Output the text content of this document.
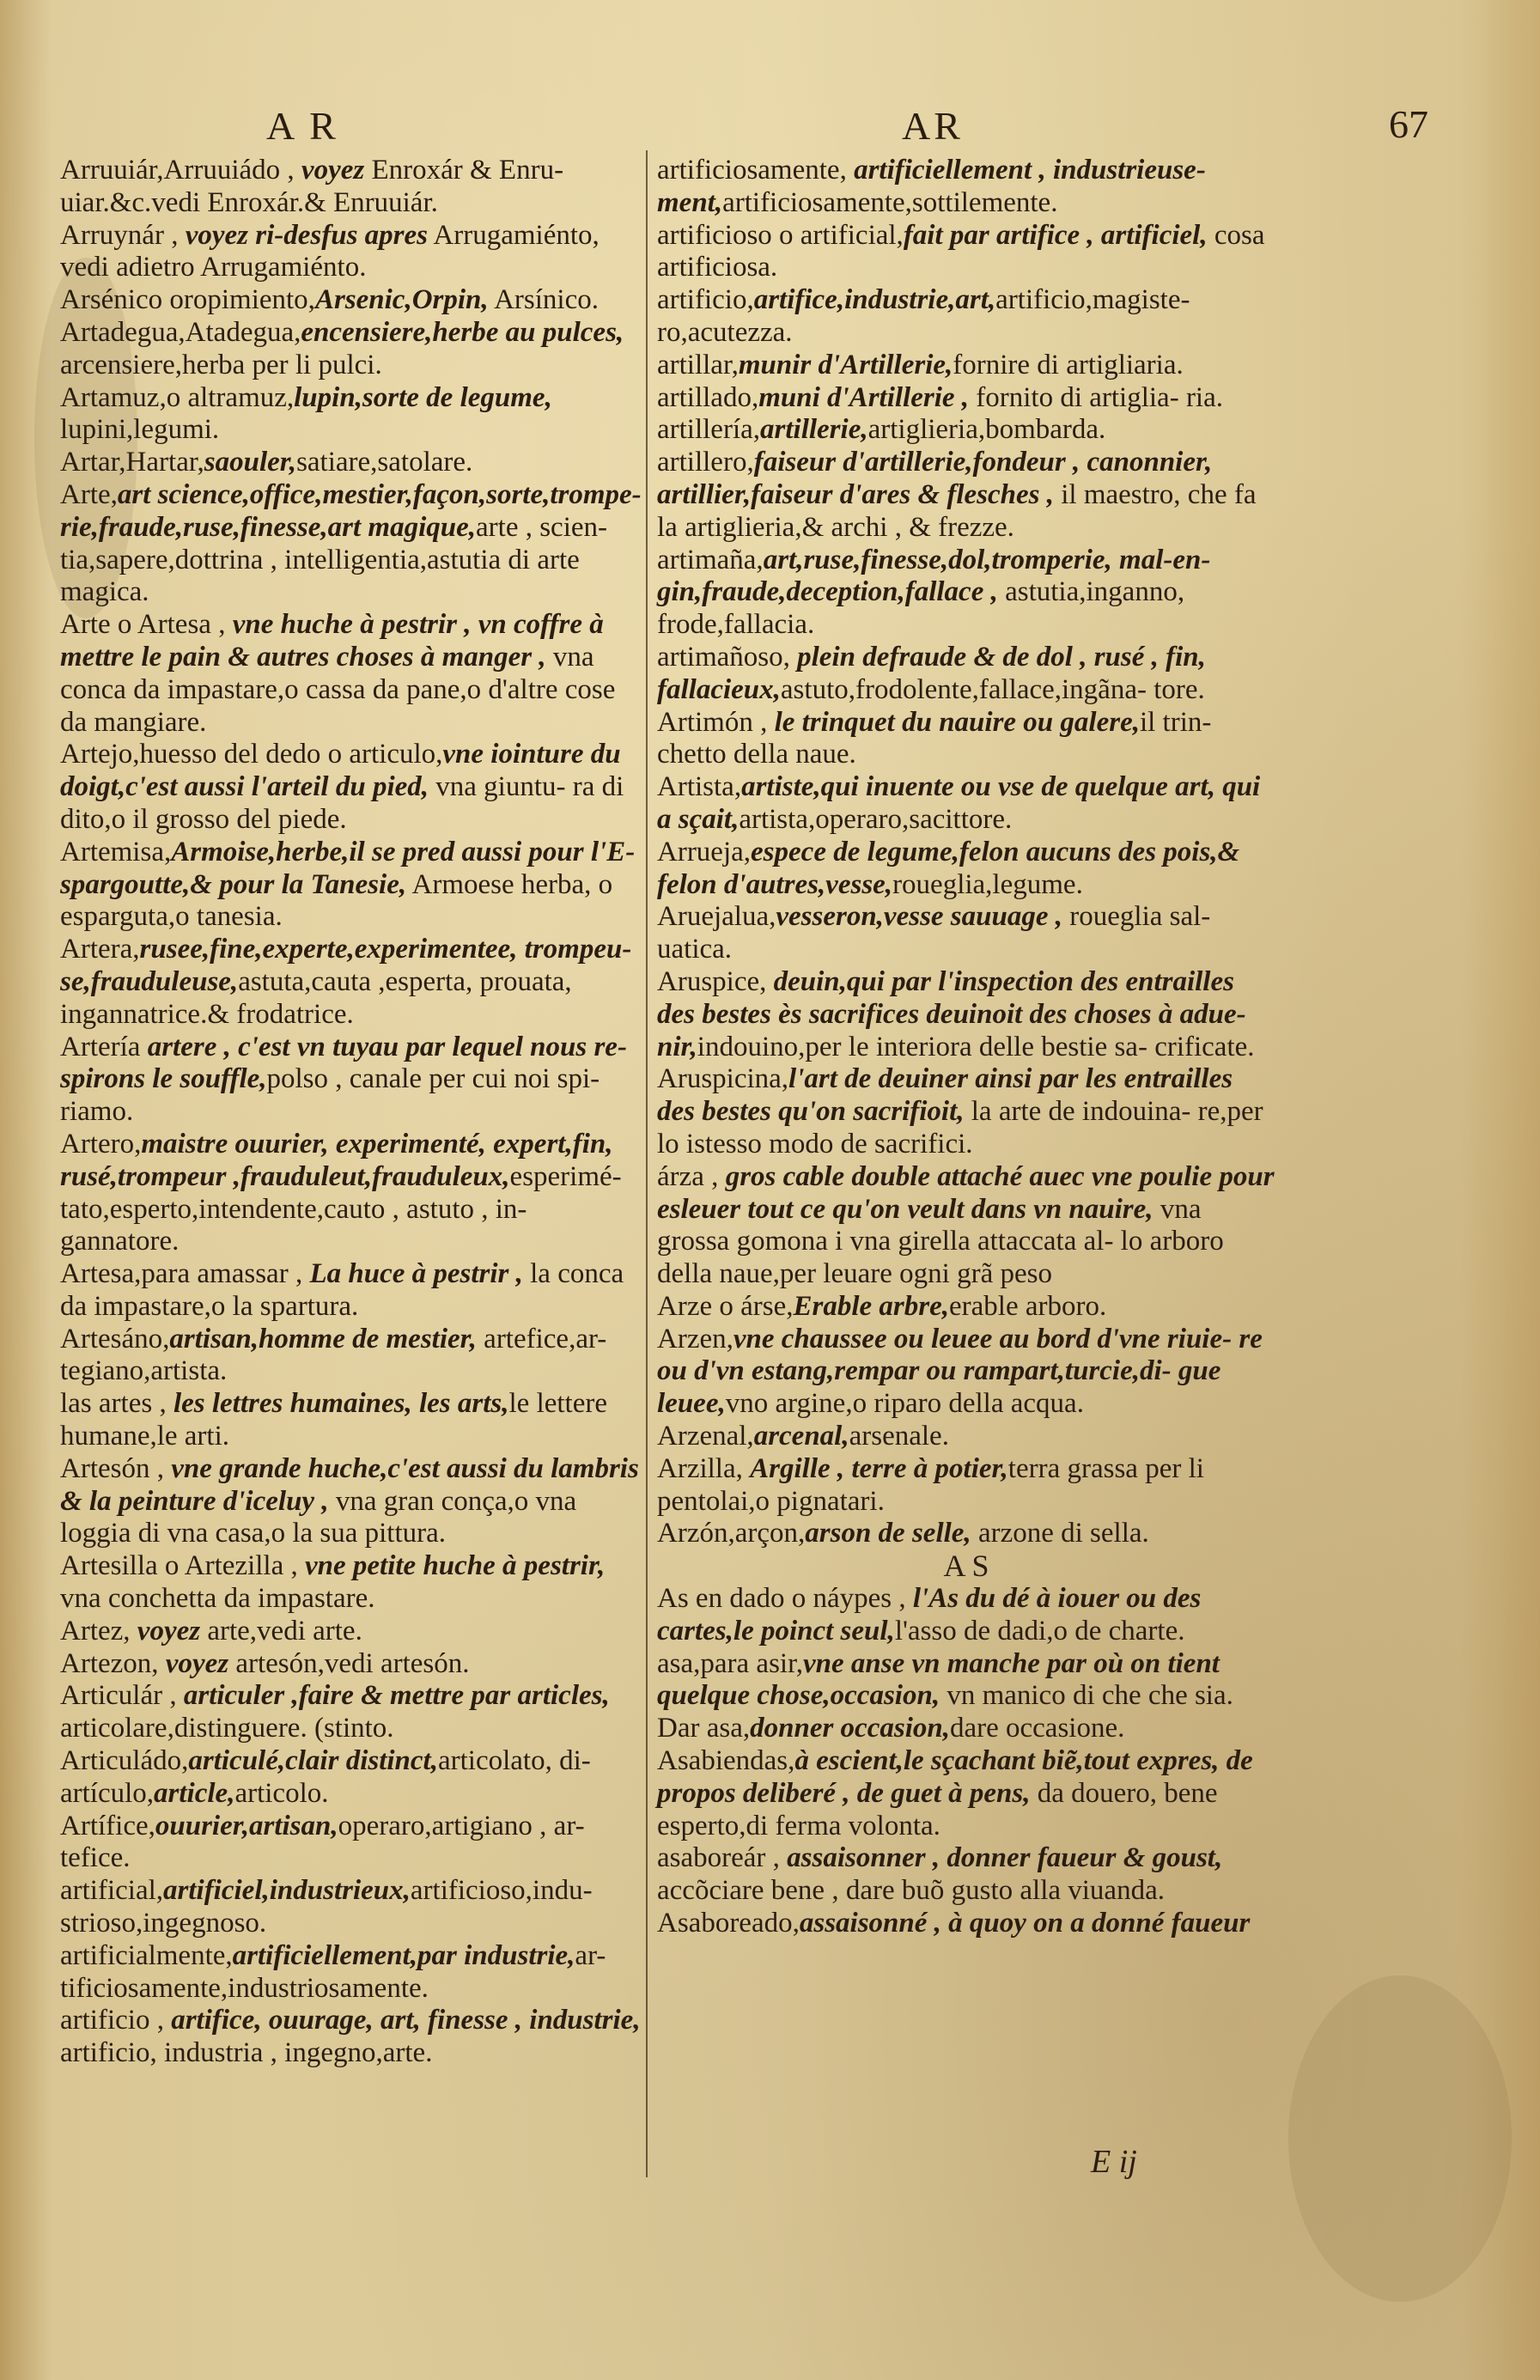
A R	AR	67

Arruuiár,Arruuiádo , voyez Enroxár & Enru- uiar.&c.vedi Enroxár.& Enruuiár.

Arruynár , voyez ri-desfus apres Arrugamiénto, vedi adietro Arrugamiénto.

Arsénico oropimiento,Arsenic,Orpin, Arsínico.

Artadegua,Atadegua,encensiere,herbe au pulces, arcensiere,herba per li pulci.

Artamuz,o altramuz,lupin,sorte de legume, lupini,legumi.

Artar,Hartar,saouler,satiare,satolare.

Arte,art science,office,mestier,façon,sorte,trompe- rie,fraude,ruse,finesse,art magique,arte , scien- tia,sapere,dottrina , intelligentia,astutia di arte magica.

Arte o Artesa , vne huche à pestrir , vn coffre à mettre le pain & autres choses à manger , vna conca da impastare,o cassa da pane,o d'altre cose da mangiare.

Artejo,huesso del dedo o articulo,vne iointure du doigt,c'est aussi l'arteil du pied, vna giuntu- ra di dito,o il grosso del piede.

Artemisa,Armoise,herbe,il se pred aussi pour l'E- spargoutte,& pour la Tanesie, Armoese herba, o esparguta,o tanesia.

Artera,rusee,fine,experte,experimentee, trompeu- se,frauduleuse,astuta,cauta ,esperta, prouata, ingannatrice.& frodatrice.

Artería artere , c'est vn tuyau par lequel nous re- spirons le souffle,polso , canale per cui noi spi- riamo.

Artero,maistre ouurier, experimenté, expert,fin, rusé,trompeur ,frauduleut,frauduleux,esperimé- tato,esperto,intendente,cauto , astuto , in- gannatore.

Artesa,para amassar , La huce à pestrir , la conca da impastare,o la spartura.

Artesáno,artisan,homme de mestier, artefice,ar- tegiano,artista.

las artes , les lettres humaines, les arts,le lettere humane,le arti.

Artesón , vne grande huche,c'est aussi du lambris & la peinture d'iceluy , vna gran conça,o vna loggia di vna casa,o la sua pittura.

Artesilla o Artezilla , vne petite huche à pestrir, vna conchetta da impastare.

Artez, voyez arte,vedi arte.

Artezon, voyez artesón,vedi artesón.

Articulár , articuler ,faire & mettre par articles, articolare,distinguere. (stinto.

Articuládo,articulé,clair distinct,articolato, di-

artículo,article,articolo.

Artífice,ouurier,artisan,operaro,artigiano , ar- tefice.

artificial,artificiel,industrieux,artificioso,indu- strioso,ingegnoso.

artificialmente,artificiellement,par industrie,ar- tificiosamente,industriosamente.

artificio , artifice, ouurage, art, finesse , industrie, artificio, industria , ingegno,arte.

artificiosamente, artificiellement , industrieuse- ment,artificiosamente,sottilemente.

artificioso o artificial,fait par artifice , artificiel, cosa artificiosa.

artificio,artifice,industrie,art,artificio,magiste- ro,acutezza.

artillar,munir d'Artillerie,fornire di artigliaria.

artillado,muni d'Artillerie , fornito di artiglia- ria.

artillería,artillerie,artiglieria,bombarda.

artillero,faiseur d'artillerie,fondeur , canonnier, artillier,faiseur d'ares & flesches , il maestro, che fa la artiglieria,& archi , & frezze.

artimaña,art,ruse,finesse,dol,tromperie, mal-en- gin,fraude,deception,fallace , astutia,inganno, frode,fallacia.

artimañoso, plein defraude & de dol , rusé , fin, fallacieux,astuto,frodolente,fallace,ingãna- tore.

Artimón , le trinquet du nauire ou galere,il trin- chetto della naue.

Artista,artiste,qui inuente ou vse de quelque art, qui a sçait,artista,operaro,sacittore.

Arrueja,espece de legume,felon aucuns des pois,& felon d'autres,vesse,rouegliа,legume.

Aruejalua,vesseron,vesse sauuage , roueglia sal- uatica.

Aruspice, deuin,qui par l'inspection des entrailles des bestes ès sacrifices deuinoit des choses à adue- nir,indouino,per le interiora delle bestie sa- crificate.

Aruspicina,l'art de deuiner ainsi par les entrailles des bestes qu'on sacrifioit, la arte de indouina- re,per lo istesso modo de sacrifici.

árza , gros cable double attaché auec vne poulie pour esleuer tout ce qu'on veult dans vn nauire, vna grossa gomona i vna girella attaccata al- lo arboro della naue,per leuare ogni grã peso

Arze o árse,Erable arbre,erable arboro.

Arzen,vne chaussee ou leuee au bord d'vne riuie- re ou d'vn estang,rempar ou rampart,turcie,di- gue leuee,vno argine,o riparo della acqua.

Arzenal,arcenal,arsenale.

Arzilla, Argille , terre à potier,terra grassa per li pentolai,o pignatari.

Arzón,arçon,arson de selle, arzone di sella.

A S

As en dado o náypes , l'As du dé à iouer ou des cartes,le poinct seul,l'asso de dadi,o de charte.

asa,para asir,vne anse vn manche par où on tient quelque chose,occasion, vn manico di che che sia.

Dar asa,donner occasion,dare occasione.

Asabiendas,à escient,le sçachant biẽ,tout expres, de propos deliberé , de guet à pens, da douero, bene esperto,di ferma volonta.

asaboreár , assaisonner , donner faueur & goust, accõciare bene , dare buõ gusto alla viuanda.

Asaboreado,assaisonné , à quoy on a donné faueur

E ij
